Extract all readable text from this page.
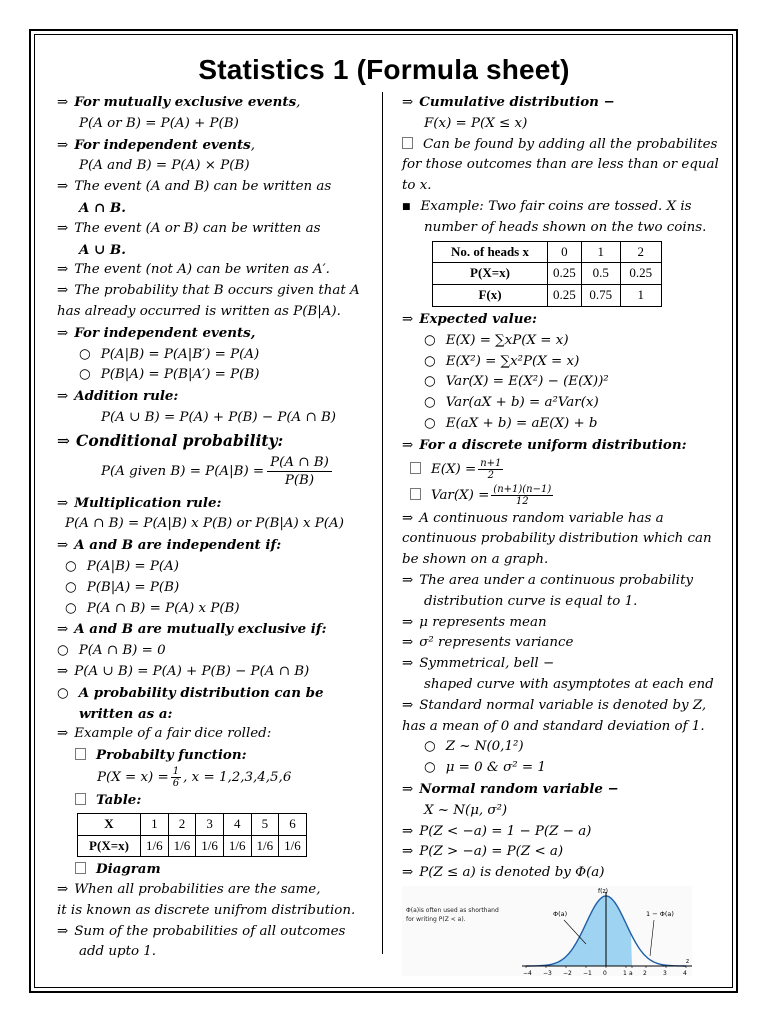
Statistics 1 (Formula sheet)
⇒ For mutually exclusive events,
P(A or B) = P(A) + P(B)
⇒ For independent events,
P(A and B) = P(A) × P(B)
⇒ The event (A and B) can be written as
A ∩ B.
⇒ The event (A or B) can be written as
A ∪ B.
⇒ The event (not A) can be writen as A′.
⇒ The probability that B occurs given that A
has already occurred is written as P(B|A).
⇒ For independent events,
○ P(A|B) = P(A|B′) = P(A)
○ P(B|A) = P(B|A′) = P(B)
⇒ Addition rule:
P(A ∪ B) = P(A) + P(B) − P(A ∩ B)
⇒ Conditional probability:
P(A given $B) = P(A|B) = \frac{P(A \cap B)}{P(B)}$
⇒ Multiplication rule:
P(A ∩ B) = P(A|B) x P(B) or P(B|A) x P(A)
⇒ A and B are independent if:
○ P(A|B) = P(A)
○ P(B|A) = P(B)
○ P(A ∩ B) = P(A) x P(B)
⇒ A and B are mutually exclusive if:
○ P(A ∩ B) = 0
⇒ P(A ∪ B) = P(A) + P(B) − P(A ∩ B)
○ A probability distribution can be
written as a:
⇒ Example of a fair dice rolled:
Probabilty function:
$P(X = x) = \frac{1}{6}$ , x = 1,2,3,4,5,6
Table:
X	1	2	3	4	5	6
P(X=x)	1/6	1/6	1/6	1/6	1/6	1/6
Diagram
⇒ When all probabilities are the same,
it is known as discrete unifrom distribution.
⇒ Sum of the probabilities of all outcomes
add upto 1.
⇒ Cumulative distribution −
F(x) = P(X ≤ x)
Can be found by adding all the probabilites
for those outcomes than are less than or equal
to x.
■ Example: Two fair coins are tossed. X is
number of heads shown on the two coins.
No. of heads x	0	1	2
P(X=x)	0.25	0.5	0.25
F(x)	0.25	0.75	1
⇒ Expected value:
○ E(X) = ∑xP(X = x)
○ E(X²) = ∑x²P(X = x)
○ Var(X) = E(X²) − (E(X))²
○ Var(aX + b) = a²Var(x)
○ E(aX + b) = aE(X) + b
⇒ For a discrete uniform distribution:
$E(X) = \frac{n+1}{2}$
$Var(X) = \frac{(n+1)(n-1)}{12}$
⇒ A continuous random variable has a
continuous probability distribution which can
be shown on a graph.
⇒ The area under a continuous probability
distribution curve is equal to 1.
⇒ μ represents mean
⇒ σ² represents variance
⇒ Symmetrical, bell −
shaped curve with asymptotes at each end
⇒ Standard normal variable is denoted by Z,
has a mean of 0 and standard deviation of 1.
○ Z ~ N(0,1²)
○ μ = 0 & σ² = 1
⇒ Normal random variable −
X ~ N(μ, σ²)
⇒ P(Z < −a) = 1 − P(Z − a)
⇒ P(Z > −a) = P(Z < a)
⇒ P(Z ≤ a) is denoted by Φ(a)
−4 −3 −2 −1 0	1 a 2	3	4
z
f(z)
Φ(a)	1 − Φ(a)
Φ(a)is often used as shorthand
for writing P(Z < a).
